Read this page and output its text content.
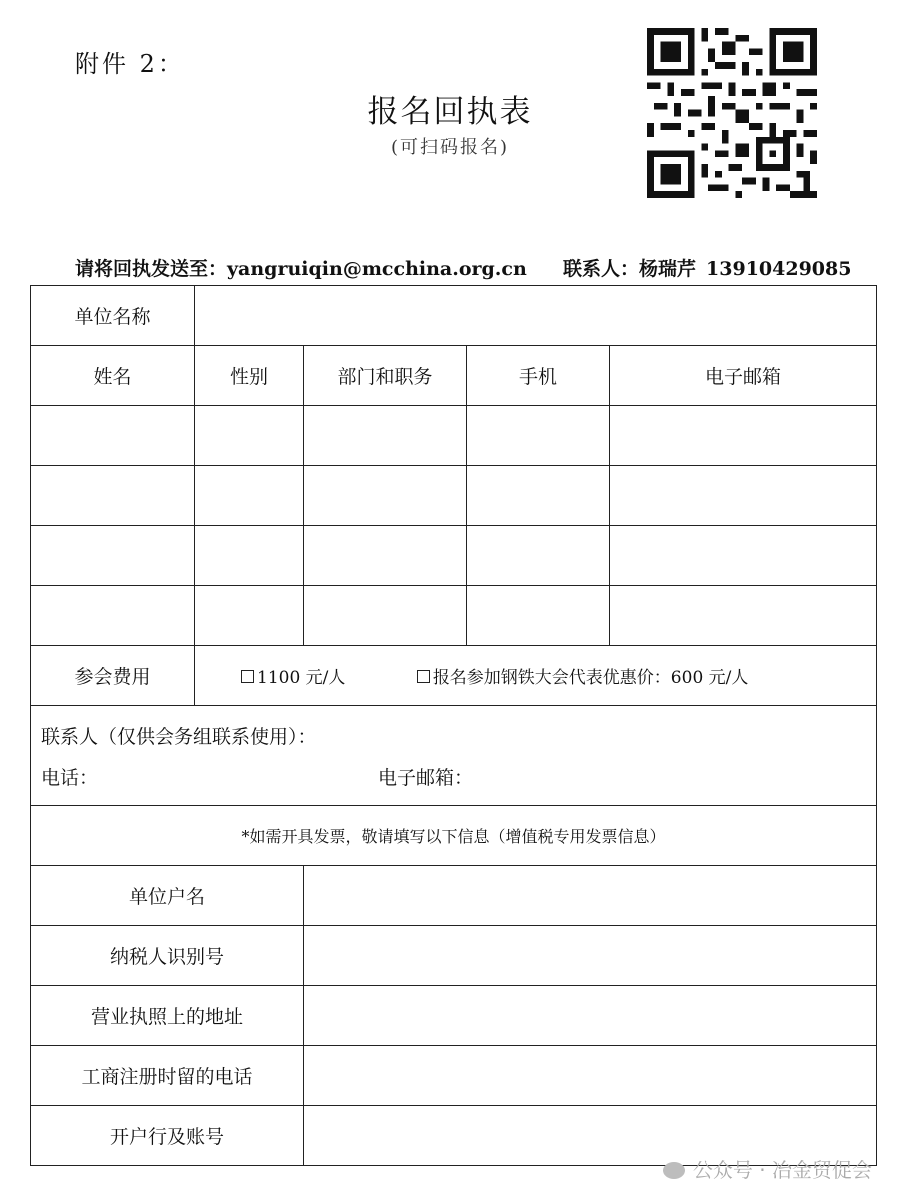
附件 2：
报名回执表
(可扫码报名)
请将回执发送至：yangruiqin@mcchina.org.cn 联系人：杨瑞芹 13910429085
单位名称				
姓名	性别	部门和职务	手机	电子邮箱

参会费用	1100 元/人 报名参加钢铁大会代表优惠价：600 元/人			

联系人（仅供会务组联系使用）：
电话： 电子邮箱：				

*如需开具发票，敬请填写以下信息（增值税专用发票信息）				
单位户名				
纳税人识别号				
营业执照上的地址				
工商注册时留的电话				
开户行及账号				
公众号 · 冶金贸促会
